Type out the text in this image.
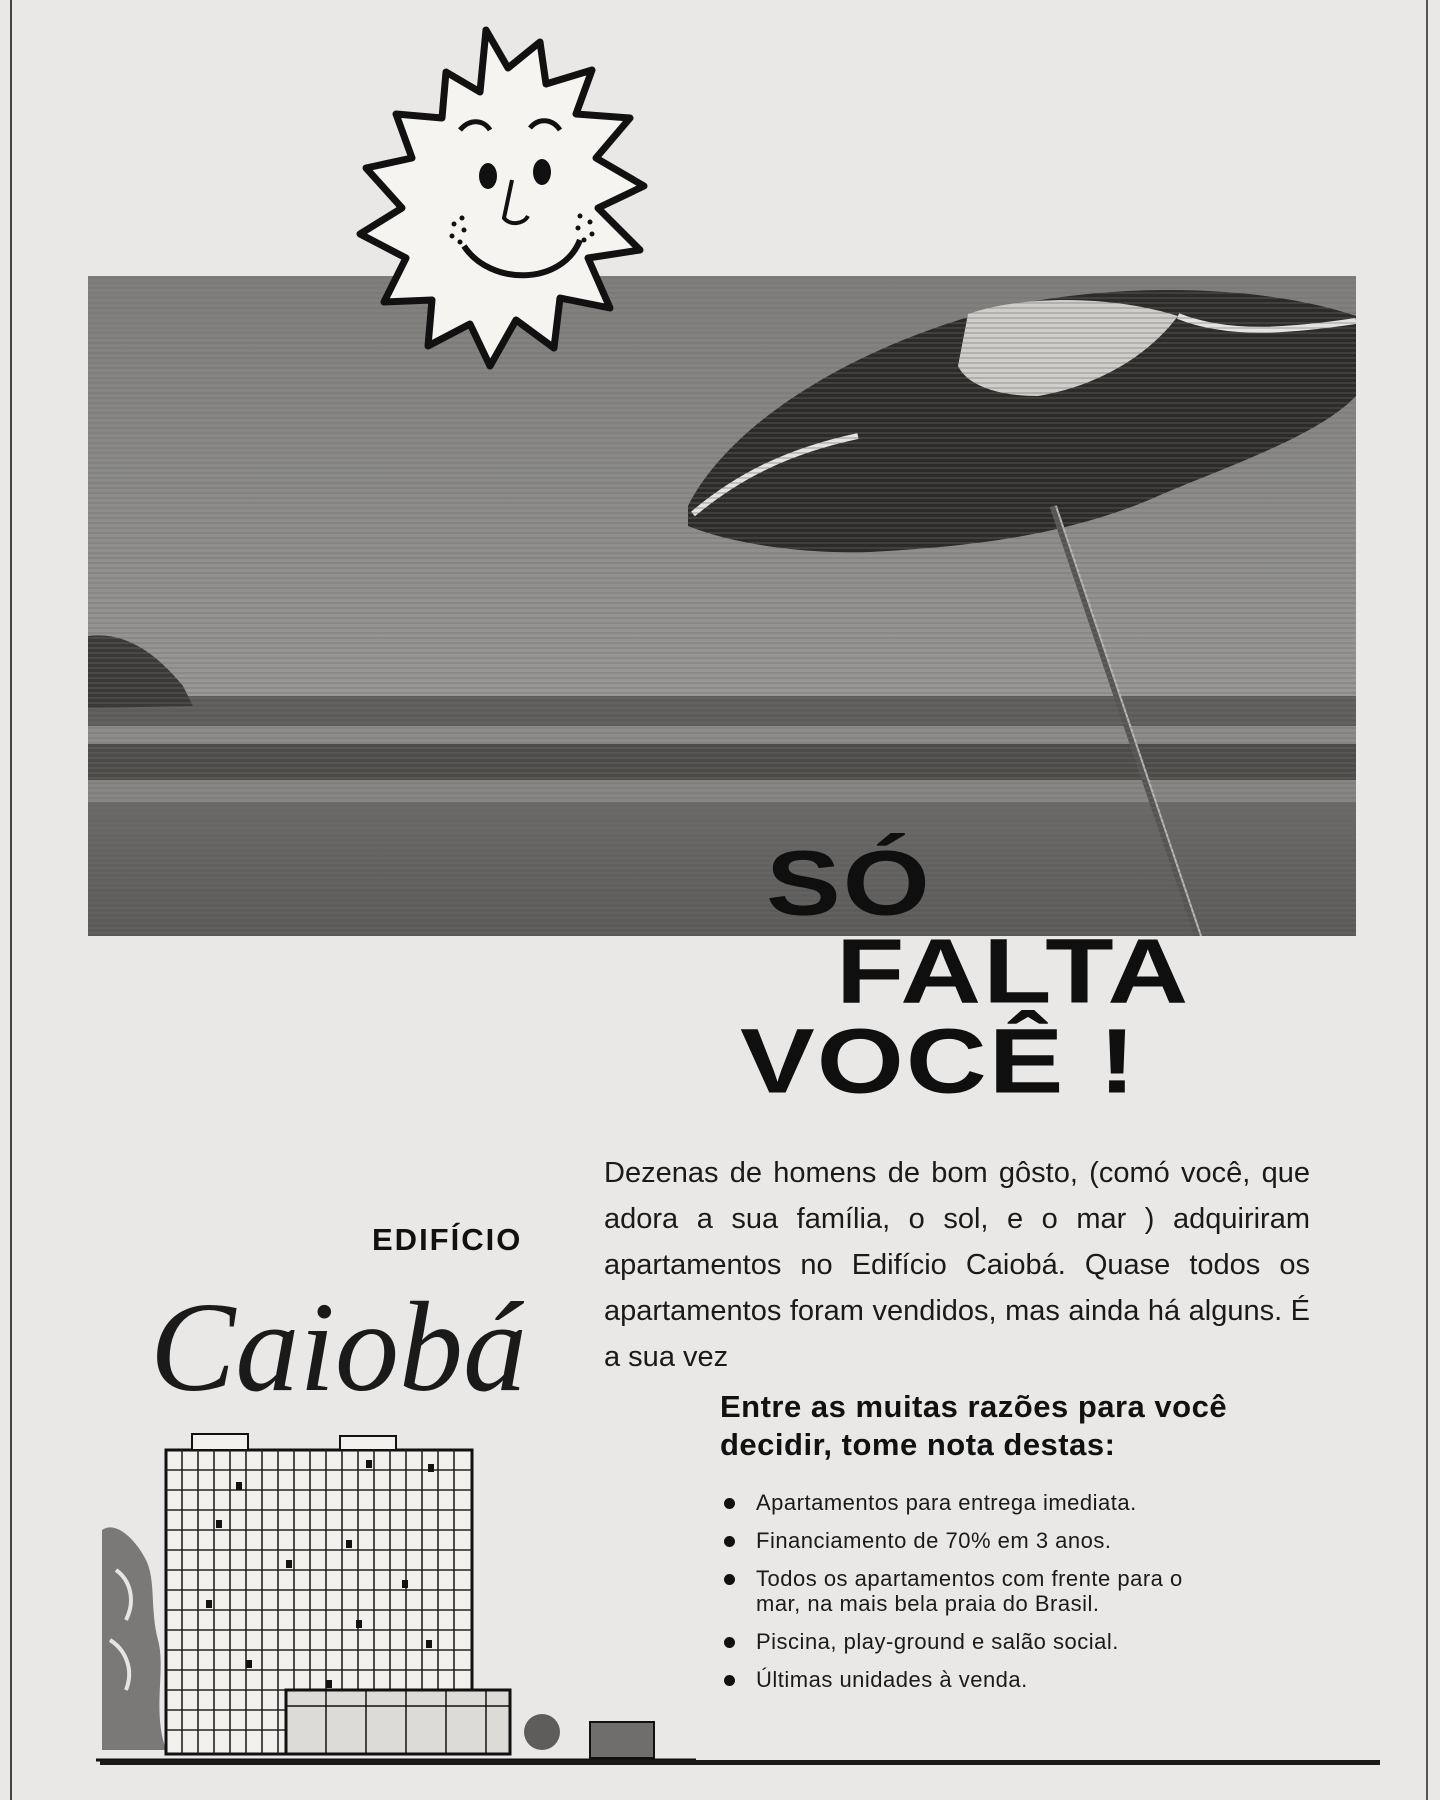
SÓ
FALTA
VOCÊ !
Dezenas de homens de bom gôsto, (comó você, que adora a sua família, o sol, e o mar ) adquiriram apartamentos no Edifício Caiobá. Quase todos os apartamentos foram vendidos, mas ainda há alguns. É a sua vez
Entre as muitas razões para você decidir, tome nota destas:
Apartamentos para entrega imediata.
Financiamento de 70% em 3 anos.
Todos os apartamentos com frente para o mar, na mais bela praia do Brasil.
Piscina, play-ground e salão social.
Últimas unidades à venda.
EDIFÍCIO
Caiobá
